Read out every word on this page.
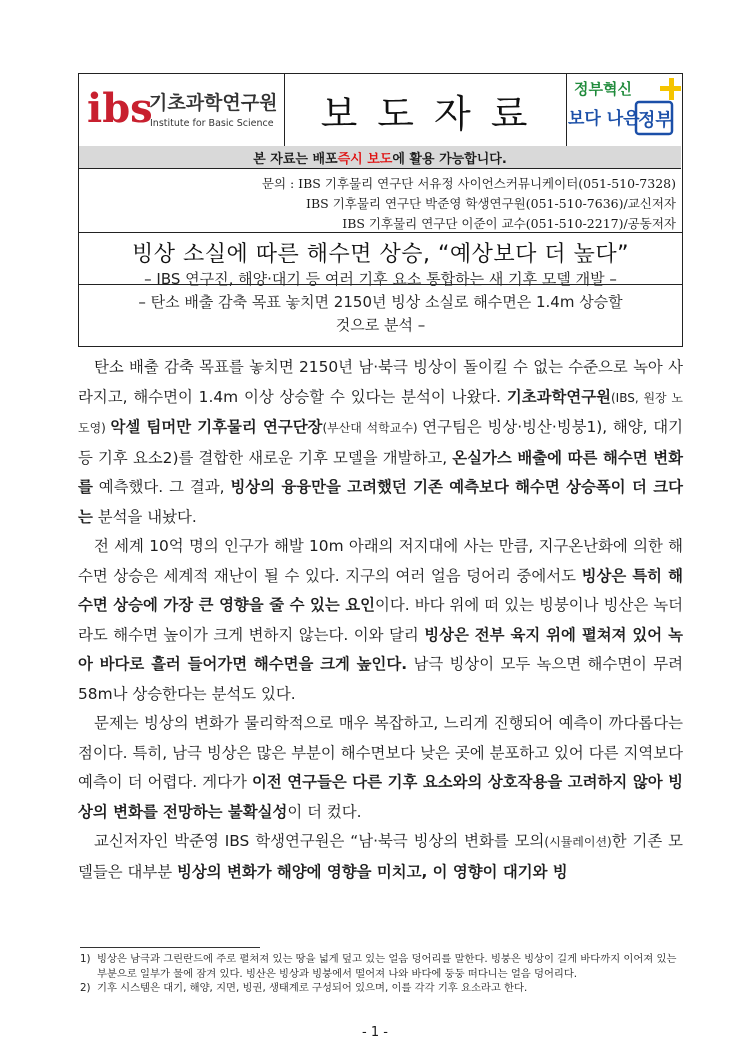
ibs
기초과학연구원
Institute for Basic Science	보도자료
정부혁신
보다 나은
정부
본 자료는 배포 즉시 보도 에 활용 가능합니다.
문의 : IBS 기후물리 연구단 서유정 사이언스커뮤니케이터(051-510-7328)
IBS 기후물리 연구단 박준영 학생연구원(051-510-7636)/교신저자
IBS 기후물리 연구단 이준이 교수(051-510-2217)/공동저자
빙상 소실에 따른 해수면 상승, “예상보다 더 높다”
– IBS 연구진, 해양·대기 등 여러 기후 요소 통합하는 새 기후 모델 개발 –
– 탄소 배출 감축 목표 놓치면 2150년 빙상 소실로 해수면은 1.4m 상승할
것으로 분석 –

탄소 배출 감축 목표를 놓치면 2150년 남·북극 빙상이 돌이킬 수 없는 수준으로 녹아 사라지고, 해수면이 1.4m 이상 상승할 수 있다는 분석이 나왔다. 기초과학연구원(IBS, 원장 노도영) 악셀 팀머만 기후물리 연구단장(부산대 석학교수) 연구팀은 빙상·빙산·빙붕1), 해양, 대기 등 기후 요소2)를 결합한 새로운 기후 모델을 개발하고, 온실가스 배출에 따른 해수면 변화를 예측했다. 그 결과, 빙상의 융융만을 고려했던 기존 예측보다 해수면 상승폭이 더 크다는 분석을 내놨다.

전 세계 10억 명의 인구가 해발 10m 아래의 저지대에 사는 만큼, 지구온난화에 의한 해수면 상승은 세계적 재난이 될 수 있다. 지구의 여러 얼음 덩어리 중에서도 빙상은 특히 해수면 상승에 가장 큰 영향을 줄 수 있는 요인이다. 바다 위에 떠 있는 빙붕이나 빙산은 녹더라도 해수면 높이가 크게 변하지 않는다. 이와 달리 빙상은 전부 육지 위에 펼쳐져 있어 녹아 바다로 흘러 들어가면 해수면을 크게 높인다. 남극 빙상이 모두 녹으면 해수면이 무려 58m나 상승한다는 분석도 있다.

문제는 빙상의 변화가 물리학적으로 매우 복잡하고, 느리게 진행되어 예측이 까다롭다는 점이다. 특히, 남극 빙상은 많은 부분이 해수면보다 낮은 곳에 분포하고 있어 다른 지역보다 예측이 더 어렵다. 게다가 이전 연구들은 다른 기후 요소와의 상호작용을 고려하지 않아 빙상의 변화를 전망하는 불확실성이 더 컸다.

교신저자인 박준영 IBS 학생연구원은 “남·북극 빙상의 변화를 모의(시뮬레이션)한 기존 모델들은 대부분 빙상의 변화가 해양에 영향을 미치고, 이 영향이 대기와 빙

1) 빙상은 남극과 그린란드에 주로 펼쳐져 있는 땅을 넓게 덮고 있는 얼음 덩어리를 말한다. 빙붕은 빙상이 길게 바다까지 이어져 있는 부분으로 일부가 물에 잠겨 있다. 빙산은 빙상과 빙붕에서 떨어져 나와 바다에 둥둥 떠다니는 얼음 덩어리다.
2) 기후 시스템은 대기, 해양, 지면, 빙권, 생태계로 구성되어 있으며, 이를 각각 기후 요소라고 한다.
- 1 -
